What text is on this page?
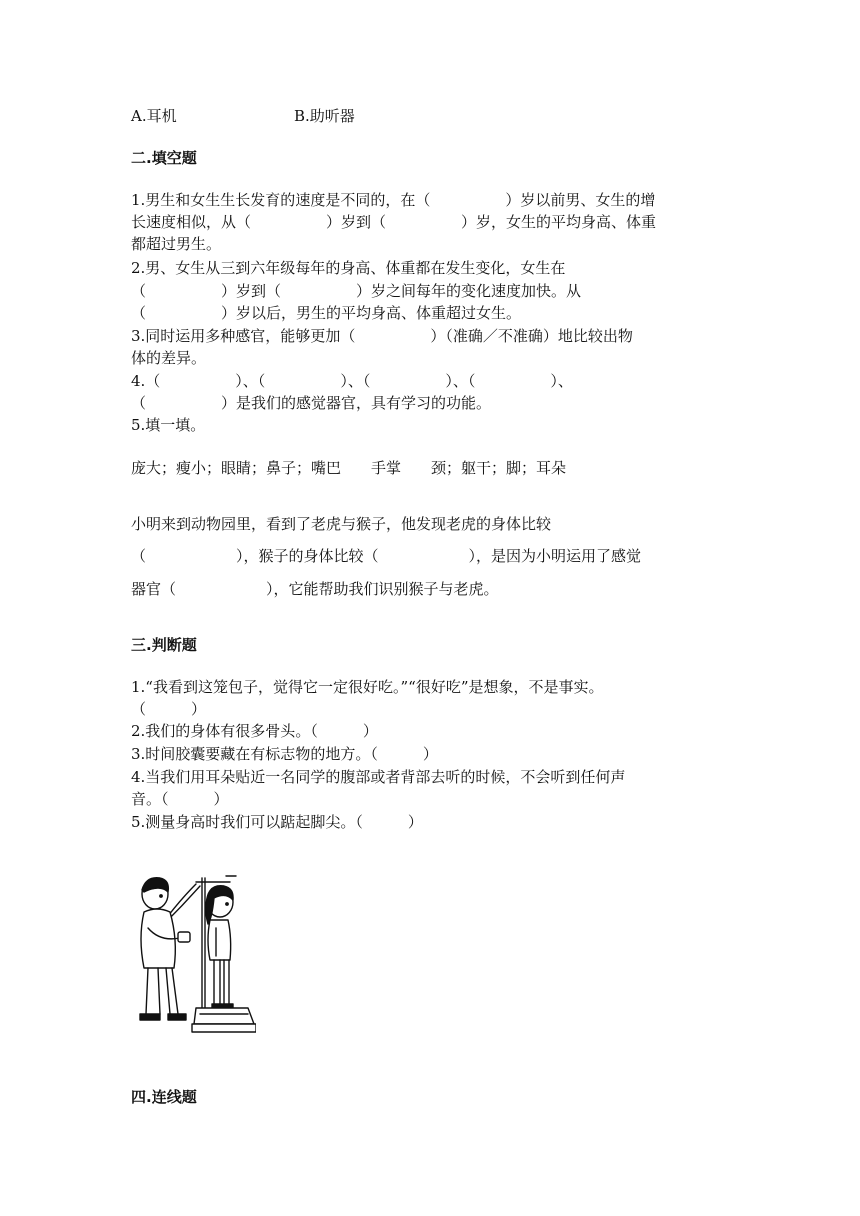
A.耳机	B.助听器
二.填空题
1.男生和女生生长发育的速度是不同的，在（　　　　　）岁以前男、女生的增
长速度相似，从（　　　　　）岁到（　　　　　）岁，女生的平均身高、体重
都超过男生。
2.男、女生从三到六年级每年的身高、体重都在发生变化，女生在
（　　　　　）岁到（　　　　　）岁之间每年的变化速度加快。从
（　　　　　）岁以后，男生的平均身高、体重超过女生。
3.同时运用多种感官，能够更加（　　　　　）（准确／不准确）地比较出物
体的差异。
4.（　　　　　）、（　　　　　）、（　　　　　）、（　　　　　）、
（　　　　　）是我们的感觉器官，具有学习的功能。
5.填一填。
庞大；瘦小；眼睛；鼻子；嘴巴　　手掌　　颈；躯干；脚；耳朵
小明来到动物园里，看到了老虎与猴子，他发现老虎的身体比较
（　　　　　　），猴子的身体比较（　　　　　　），是因为小明运用了感觉
器官（　　　　　　），它能帮助我们识别猴子与老虎。
三.判断题
1.“我看到这笼包子，觉得它一定很好吃。”“很好吃”是想象，不是事实。
（　　　）
2.我们的身体有很多骨头。（　　　）
3.时间胶囊要藏在有标志物的地方。（　　　）
4.当我们用耳朵贴近一名同学的腹部或者背部去听的时候，不会听到任何声
音。（　　　）
5.测量身高时我们可以踮起脚尖。（　　　）
四.连线题
